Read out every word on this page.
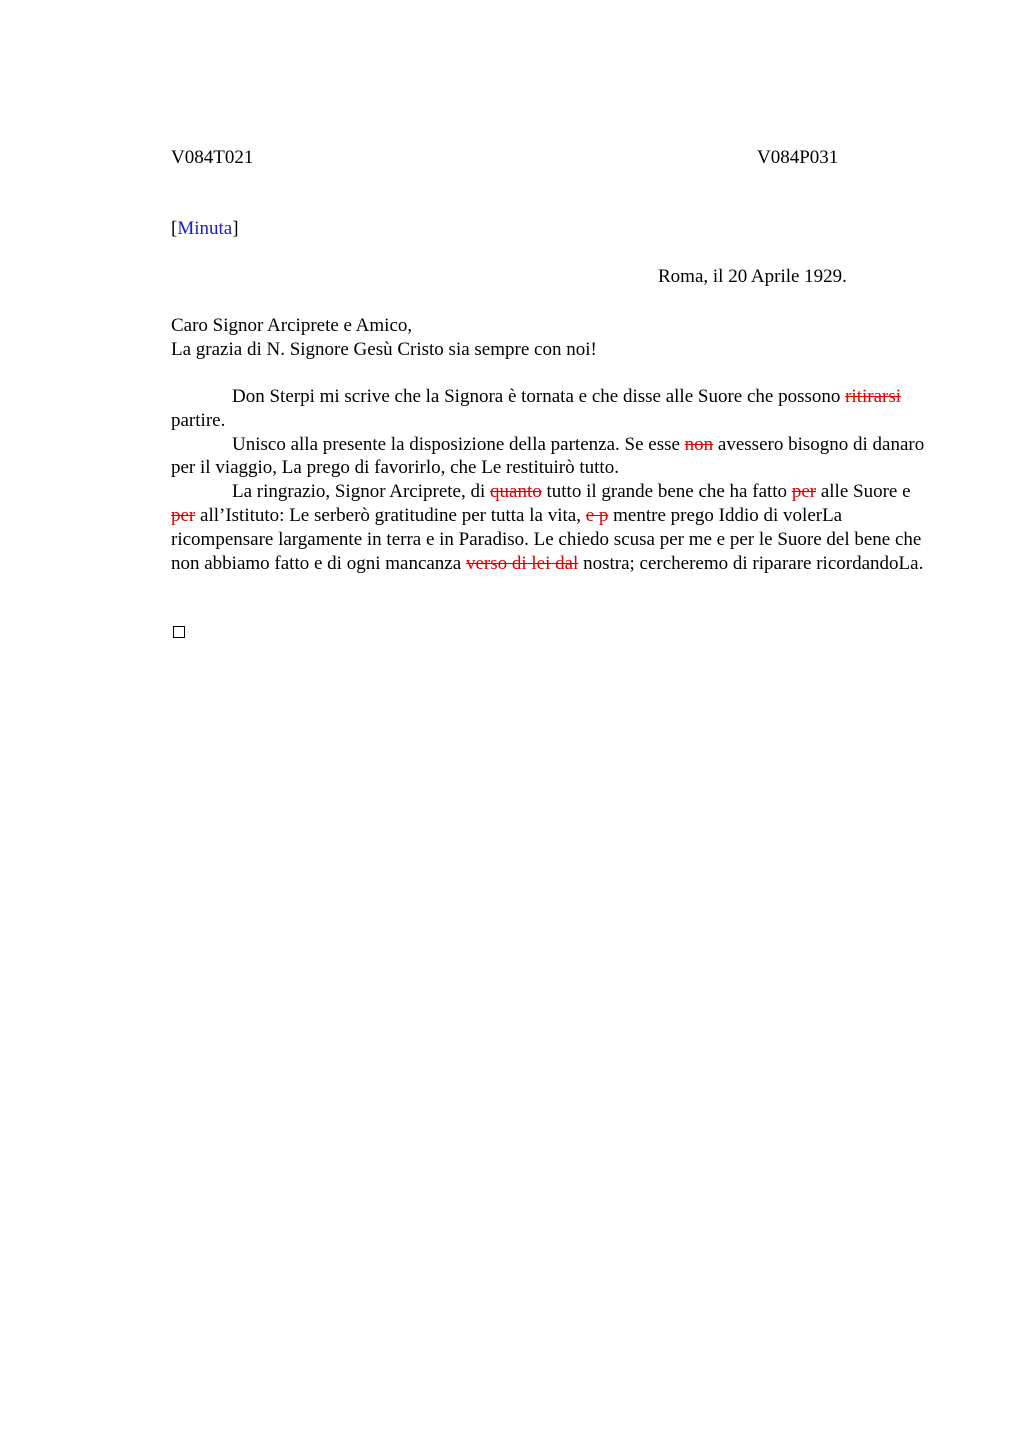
V084T021	V084P031
[Minuta]
Roma, il 20 Aprile 1929.
Caro Signor Arciprete e Amico,
La grazia di N. Signore Gesù Cristo sia sempre con noi!

Don Sterpi mi scrive che la Signora è tornata e che disse alle Suore che possono ritirarsi partire.

Unisco alla presente la disposizione della partenza. Se esse non avessero bisogno di danaro per il viaggio, La prego di favorirlo, che Le restituirò tutto.

La ringrazio, Signor Arciprete, di quanto tutto il grande bene che ha fatto per alle Suore e per all’Istituto: Le serberò gratitudine per tutta la vita, e p mentre prego Iddio di volerLa ricompensare largamente in terra e in Paradiso. Le chiedo scusa per me e per le Suore del bene che non abbiamo fatto e di ogni mancanza verso di lei dal nostra; cercheremo di riparare ricordandoLa.
